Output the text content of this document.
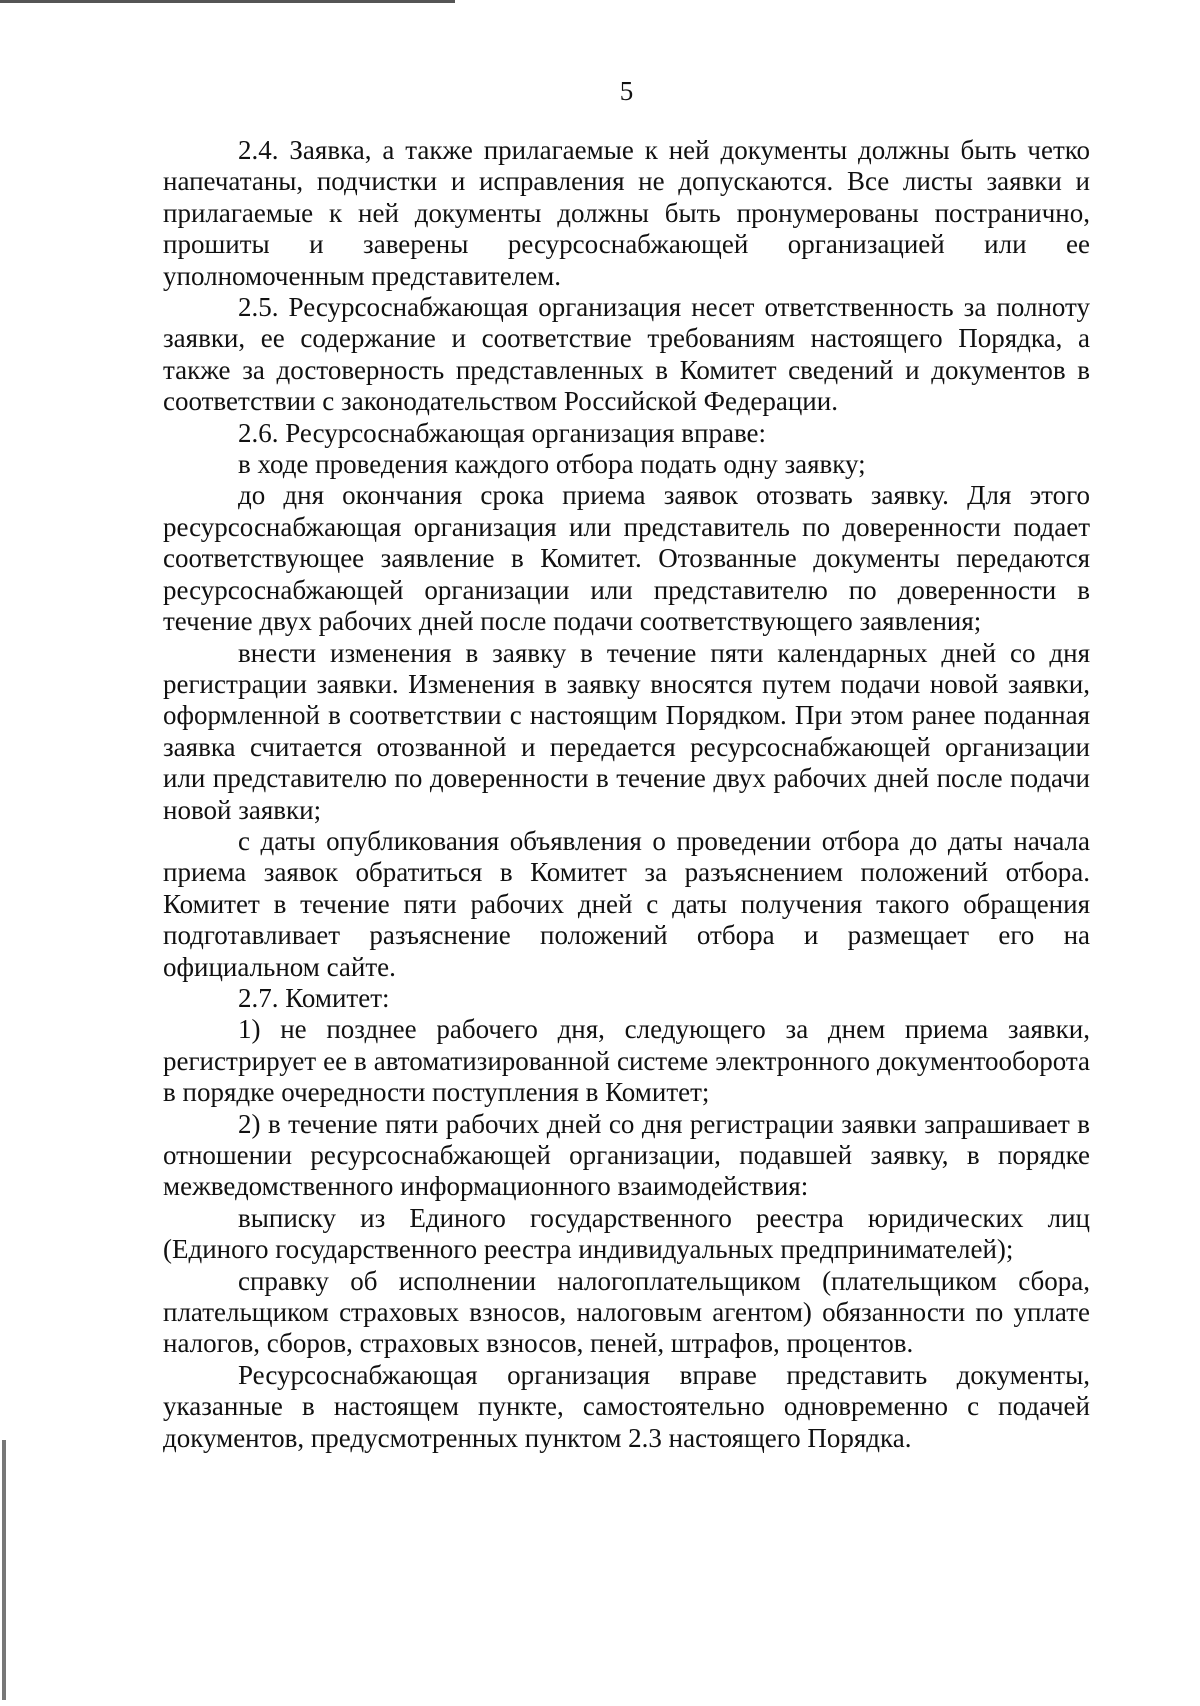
5

2.4. Заявка, а также прилагаемые к ней документы должны быть четко напечатаны, подчистки и исправления не допускаются. Все листы заявки и прилагаемые к ней документы должны быть пронумерованы постранично, прошиты и заверены ресурсоснабжающей организацией или ее уполномоченным представителем.

2.5. Ресурсоснабжающая организация несет ответственность за полноту заявки, ее содержание и соответствие требованиям настоящего Порядка, а также за достоверность представленных в Комитет сведений и документов в соответствии с законодательством Российской Федерации.

2.6. Ресурсоснабжающая организация вправе:

в ходе проведения каждого отбора подать одну заявку;

до дня окончания срока приема заявок отозвать заявку. Для этого ресурсоснабжающая организация или представитель по доверенности подает соответствующее заявление в Комитет. Отозванные документы передаются ресурсоснабжающей организации или представителю по доверенности в течение двух рабочих дней после подачи соответствующего заявления;

внести изменения в заявку в течение пяти календарных дней со дня регистрации заявки. Изменения в заявку вносятся путем подачи новой заявки, оформленной в соответствии с настоящим Порядком. При этом ранее поданная заявка считается отозванной и передается ресурсоснабжающей организации или представителю по доверенности в течение двух рабочих дней после подачи новой заявки;

с даты опубликования объявления о проведении отбора до даты начала приема заявок обратиться в Комитет за разъяснением положений отбора. Комитет в течение пяти рабочих дней с даты получения такого обращения подготавливает разъяснение положений отбора и размещает его на официальном сайте.

2.7. Комитет:

1) не позднее рабочего дня, следующего за днем приема заявки, регистрирует ее в автоматизированной системе электронного документооборота в порядке очередности поступления в Комитет;

2) в течение пяти рабочих дней со дня регистрации заявки запрашивает в отношении ресурсоснабжающей организации, подавшей заявку, в порядке межведомственного информационного взаимодействия:

выписку из Единого государственного реестра юридических лиц (Единого государственного реестра индивидуальных предпринимателей);

справку об исполнении налогоплательщиком (плательщиком сбора, плательщиком страховых взносов, налоговым агентом) обязанности по уплате налогов, сборов, страховых взносов, пеней, штрафов, процентов.

Ресурсоснабжающая организация вправе представить документы, указанные в настоящем пункте, самостоятельно одновременно с подачей документов, предусмотренных пунктом 2.3 настоящего Порядка.
